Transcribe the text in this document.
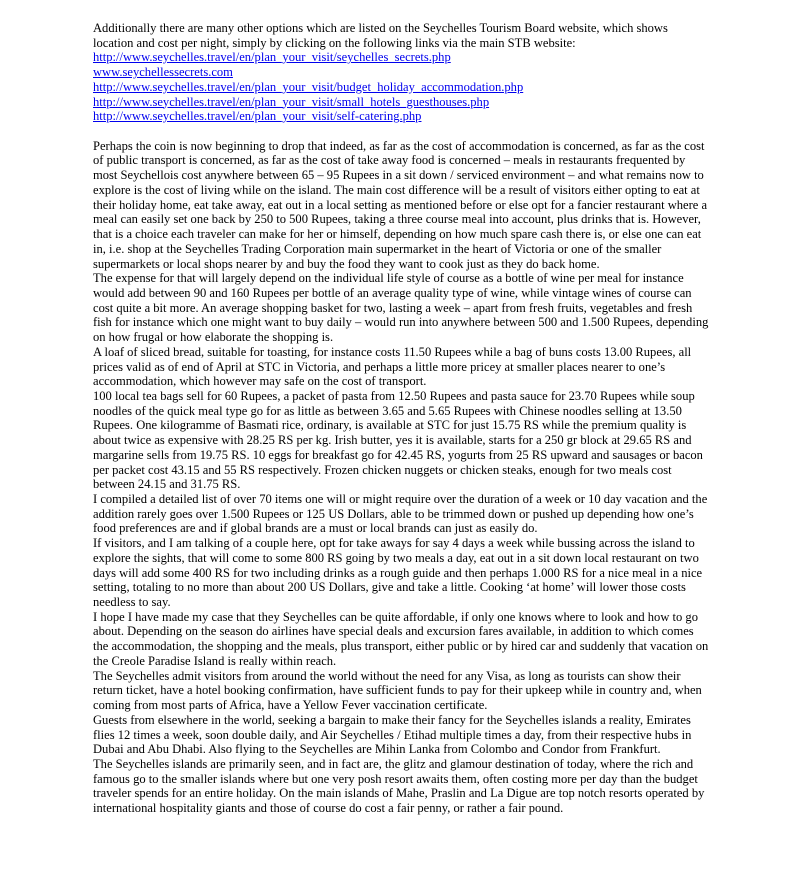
Additionally there are many other options which are listed on the Seychelles Tourism Board website, which shows location and cost per night, simply by clicking on the following links via the main STB website:

http://www.seychelles.travel/en/plan_your_visit/seychelles_secrets.php
www.seychellessecrets.com
http://www.seychelles.travel/en/plan_your_visit/budget_holiday_accommodation.php
http://www.seychelles.travel/en/plan_your_visit/small_hotels_guesthouses.php
http://www.seychelles.travel/en/plan_your_visit/self-catering.php

Perhaps the coin is now beginning to drop that indeed, as far as the cost of accommodation is concerned, as far as the cost of public transport is concerned, as far as the cost of take away food is concerned – meals in restaurants frequented by most Seychellois cost anywhere between 65 – 95 Rupees in a sit down / serviced environment – and what remains now to explore is the cost of living while on the island. The main cost difference will be a result of visitors either opting to eat at their holiday home, eat take away, eat out in a local setting as mentioned before or else opt for a fancier restaurant where a meal can easily set one back by 250 to 500 Rupees, taking a three course meal into account, plus drinks that is. However, that is a choice each traveler can make for her or himself, depending on how much spare cash there is, or else one can eat in, i.e. shop at the Seychelles Trading Corporation main supermarket in the heart of Victoria or one of the smaller supermarkets or local shops nearer by and buy the food they want to cook just as they do back home.

The expense for that will largely depend on the individual life style of course as a bottle of wine per meal for instance would add between 90 and 160 Rupees per bottle of an average quality type of wine, while vintage wines of course can cost quite a bit more. An average shopping basket for two, lasting a week – apart from fresh fruits, vegetables and fresh fish for instance which one might want to buy daily – would run into anywhere between 500 and 1.500 Rupees, depending on how frugal or how elaborate the shopping is.

A loaf of sliced bread, suitable for toasting, for instance costs 11.50 Rupees while a bag of buns costs 13.00 Rupees, all prices valid as of end of April at STC in Victoria, and perhaps a little more pricey at smaller places nearer to one’s accommodation, which however may safe on the cost of transport.

100 local tea bags sell for 60 Rupees, a packet of pasta from 12.50 Rupees and pasta sauce for 23.70 Rupees while soup noodles of the quick meal type go for as little as between 3.65 and 5.65 Rupees with Chinese noodles selling at 13.50 Rupees. One kilogramme of Basmati rice, ordinary, is available at STC for just 15.75 RS while the premium quality is about twice as expensive with 28.25 RS per kg. Irish butter, yes it is available, starts for a 250 gr block at 29.65 RS and margarine sells from 19.75 RS. 10 eggs for breakfast go for 42.45 RS, yogurts from 25 RS upward and sausages or bacon per packet cost 43.15 and 55 RS respectively. Frozen chicken nuggets or chicken steaks, enough for two meals cost between 24.15 and 31.75 RS.

I compiled a detailed list of over 70 items one will or might require over the duration of a week or 10 day vacation and the addition rarely goes over 1.500 Rupees or 125 US Dollars, able to be trimmed down or pushed up depending how one’s food preferences are and if global brands are a must or local brands can just as easily do.

If visitors, and I am talking of a couple here, opt for take aways for say 4 days a week while bussing across the island to explore the sights, that will come to some 800 RS going by two meals a day, eat out in a sit down local restaurant on two days will add some 400 RS for two including drinks as a rough guide and then perhaps 1.000 RS for a nice meal in a nice setting, totaling to no more than about 200 US Dollars, give and take a little. Cooking ‘at home’ will lower those costs needless to say.

I hope I have made my case that they Seychelles can be quite affordable, if only one knows where to look and how to go about. Depending on the season do airlines have special deals and excursion fares available, in addition to which comes the accommodation, the shopping and the meals, plus transport, either public or by hired car and suddenly that vacation on the Creole Paradise Island is really within reach.

The Seychelles admit visitors from around the world without the need for any Visa, as long as tourists can show their return ticket, have a hotel booking confirmation, have sufficient funds to pay for their upkeep while in country and, when coming from most parts of Africa, have a Yellow Fever vaccination certificate.

Guests from elsewhere in the world, seeking a bargain to make their fancy for the Seychelles islands a reality, Emirates flies 12 times a week, soon double daily, and Air Seychelles / Etihad multiple times a day, from their respective hubs in Dubai and Abu Dhabi. Also flying to the Seychelles are Mihin Lanka from Colombo and Condor from Frankfurt.

The Seychelles islands are primarily seen, and in fact are, the glitz and glamour destination of today, where the rich and famous go to the smaller islands where but one very posh resort awaits them, often costing more per day than the budget traveler spends for an entire holiday. On the main islands of Mahe, Praslin and La Digue are top notch resorts operated by international hospitality giants and those of course do cost a fair penny, or rather a fair pound.
